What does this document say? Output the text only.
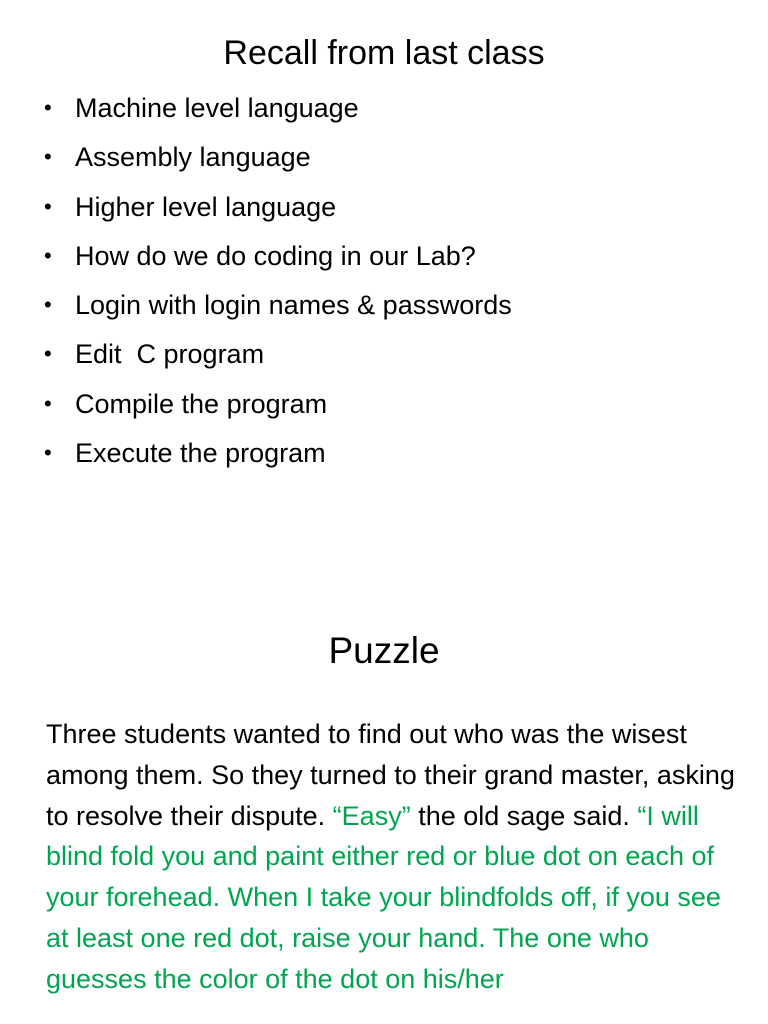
Recall from last class
• Machine level language
• Assembly language
• Higher level language
• How do we do coding in our Lab?
• Login with login names & passwords
• Edit  C program
• Compile the program
• Execute the program
Puzzle

Three students wanted to find out who was the wisest among them. So they turned to their grand master, asking to resolve their dispute. “Easy” the old sage said. “I will blind fold you and paint either red or blue dot on each of your forehead. When I take your blindfolds off, if you see at least one red dot, raise your hand. The one who guesses the color of the dot on his/her
